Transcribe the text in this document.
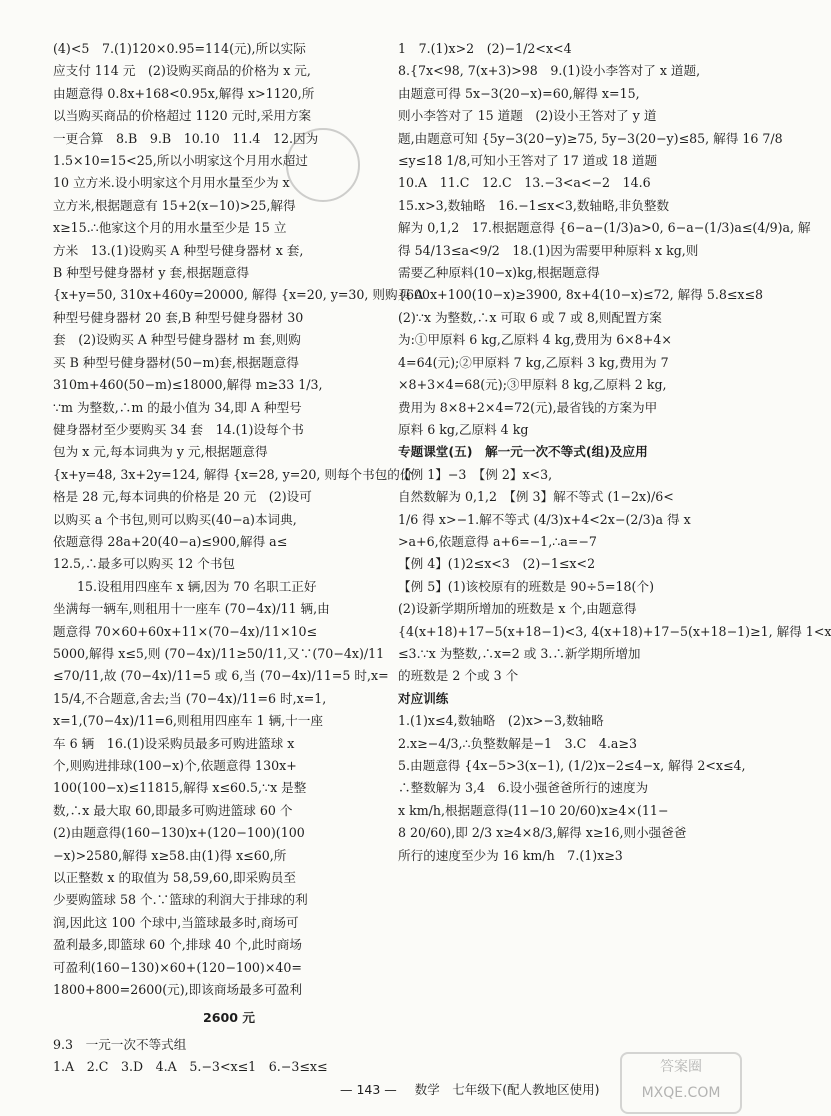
(4)<5　7.(1)120×0.95=114(元),所以实际
应支付 114 元　(2)设购买商品的价格为 x 元,
由题意得 0.8x+168<0.95x,解得 x>1120,所
以当购买商品的价格超过 1120 元时,采用方案
一更合算　8.B　9.B　10.10　11.4　12.因为
1.5×10=15<25,所以小明家这个月用水超过
10 立方米.设小明家这个月用水量至少为 x
立方米,根据题意有 15+2(x−10)>25,解得
x≥15.∴他家这个月的用水量至少是 15 立
方米　13.(1)设购买 A 种型号健身器材 x 套,
B 种型号健身器材 y 套,根据题意得
{x+y=50, 310x+460y=20000, 解得 {x=20, y=30, 则购买 A
种型号健身器材 20 套,B 种型号健身器材 30
套　(2)设购买 A 种型号健身器材 m 套,则购
买 B 种型号健身器材(50−m)套,根据题意得
310m+460(50−m)≤18000,解得 m≥33 1/3,
∵m 为整数,∴m 的最小值为 34,即 A 种型号
健身器材至少要购买 34 套　14.(1)设每个书
包为 x 元,每本词典为 y 元,根据题意得
{x+y=48, 3x+2y=124, 解得 {x=28, y=20, 则每个书包的价
格是 28 元,每本词典的价格是 20 元　(2)设可
以购买 a 个书包,则可以购买(40−a)本词典,
依题意得 28a+20(40−a)≤900,解得 a≤
12.5,∴最多可以购买 12 个书包
15.设租用四座车 x 辆,因为 70 名职工正好
坐满每一辆车,则租用十一座车 (70−4x)/11 辆,由
题意得 70×60+60x+11×(70−4x)/11×10≤
5000,解得 x≤5,则 (70−4x)/11≥50/11,又∵(70−4x)/11
≤70/11,故 (70−4x)/11=5 或 6,当 (70−4x)/11=5 时,x=
15/4,不合题意,舍去;当 (70−4x)/11=6 时,x=1,
x=1,(70−4x)/11=6,则租用四座车 1 辆,十一座
车 6 辆　16.(1)设采购员最多可购进篮球 x
个,则购进排球(100−x)个,依题意得 130x+
100(100−x)≤11815,解得 x≤60.5,∵x 是整
数,∴x 最大取 60,即最多可购进篮球 60 个
(2)由题意得(160−130)x+(120−100)(100
−x)>2580,解得 x≥58.由(1)得 x≤60,所
以正整数 x 的取值为 58,59,60,即采购员至
少要购篮球 58 个.∵篮球的利润大于排球的利
润,因此这 100 个球中,当篮球最多时,商场可
盈利最多,即篮球 60 个,排球 40 个,此时商场
可盈利(160−130)×60+(120−100)×40=
1800+800=2600(元),即该商场最多可盈利
2600 元
9.3　一元一次不等式组
1.A　2.C　3.D　4.A　5.−3<x≤1　6.−3≤x≤
1　7.(1)x>2　(2)−1/2<x<4
8.{7x<98, 7(x+3)>98　9.(1)设小李答对了 x 道题,
由题意可得 5x−3(20−x)=60,解得 x=15,
则小李答对了 15 道题　(2)设小王答对了 y 道
题,由题意可知 {5y−3(20−y)≥75, 5y−3(20−y)≤85, 解得 16 7/8
≤y≤18 1/8,可知小王答对了 17 道或 18 道题
10.A　11.C　12.C　13.−3<a<−2　14.6
15.x>3,数轴略　16.−1≤x<3,数轴略,非负整数
解为 0,1,2　17.根据题意得 {6−a−(1/3)a>0, 6−a−(1/3)a≤(4/9)a, 解
得 54/13≤a<9/2　18.(1)因为需要甲种原料 x kg,则
需要乙种原料(10−x)kg,根据题意得
{600x+100(10−x)≥3900, 8x+4(10−x)≤72, 解得 5.8≤x≤8
(2)∵x 为整数,∴x 可取 6 或 7 或 8,则配置方案
为:①甲原料 6 kg,乙原料 4 kg,费用为 6×8+4×
4=64(元);②甲原料 7 kg,乙原料 3 kg,费用为 7
×8+3×4=68(元);③甲原料 8 kg,乙原料 2 kg,
费用为 8×8+2×4=72(元),最省钱的方案为甲
原料 6 kg,乙原料 4 kg
专题课堂(五)　解一元一次不等式(组)及应用
【例 1】−3　【例 2】x<3,
自然数解为 0,1,2　【例 3】解不等式 (1−2x)/6<
1/6 得 x>−1.解不等式 (4/3)x+4<2x−(2/3)a 得 x
>a+6,依题意得 a+6=−1,∴a=−7
【例 4】(1)2≤x<3　(2)−1≤x<2
【例 5】(1)该校原有的班数是 90÷5=18(个)
(2)设新学期所增加的班数是 x 个,由题意得
{4(x+18)+17−5(x+18−1)<3, 4(x+18)+17−5(x+18−1)≥1, 解得 1<x
≤3.∵x 为整数,∴x=2 或 3.∴新学期所增加
的班数是 2 个或 3 个
对应训练
1.(1)x≤4,数轴略　(2)x>−3,数轴略
2.x≥−4/3,∴负整数解是−1　3.C　4.a≥3
5.由题意得 {4x−5>3(x−1), (1/2)x−2≤4−x, 解得 2<x≤4,
∴整数解为 3,4　6.设小强爸爸所行的速度为
x km/h,根据题意得(11−10 20/60)x≥4×(11−
8 20/60),即 2/3 x≥4×8/3,解得 x≥16,则小强爸爸
所行的速度至少为 16 km/h　7.(1)x≥3
— 143 — 数学　七年级下(配人教地区使用)
答案圈
MXQE.COM
